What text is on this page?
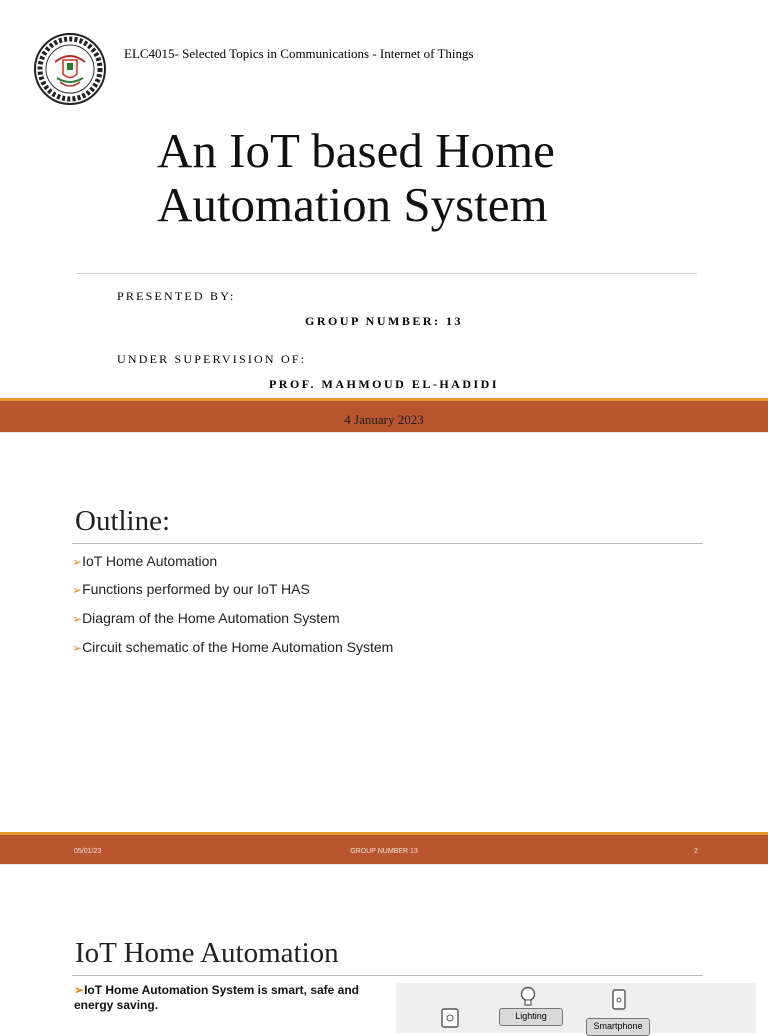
ELC4015- Selected Topics in Communications - Internet of Things
An IoT based Home
Automation System
PRESENTED BY:
GROUP NUMBER: 13
UNDER SUPERVISION OF:
PROF. MAHMOUD EL-HADIDI
4 January 2023
Outline:
➢IoT Home Automation
➢Functions performed by our IoT HAS
➢Diagram of the Home Automation System
➢Circuit schematic of the Home Automation System
05/01/23	GROUP NUMBER 13	2
IoT Home Automation
➢IoT Home Automation System is smart, safe and energy saving.
Lighting
Smartphone
